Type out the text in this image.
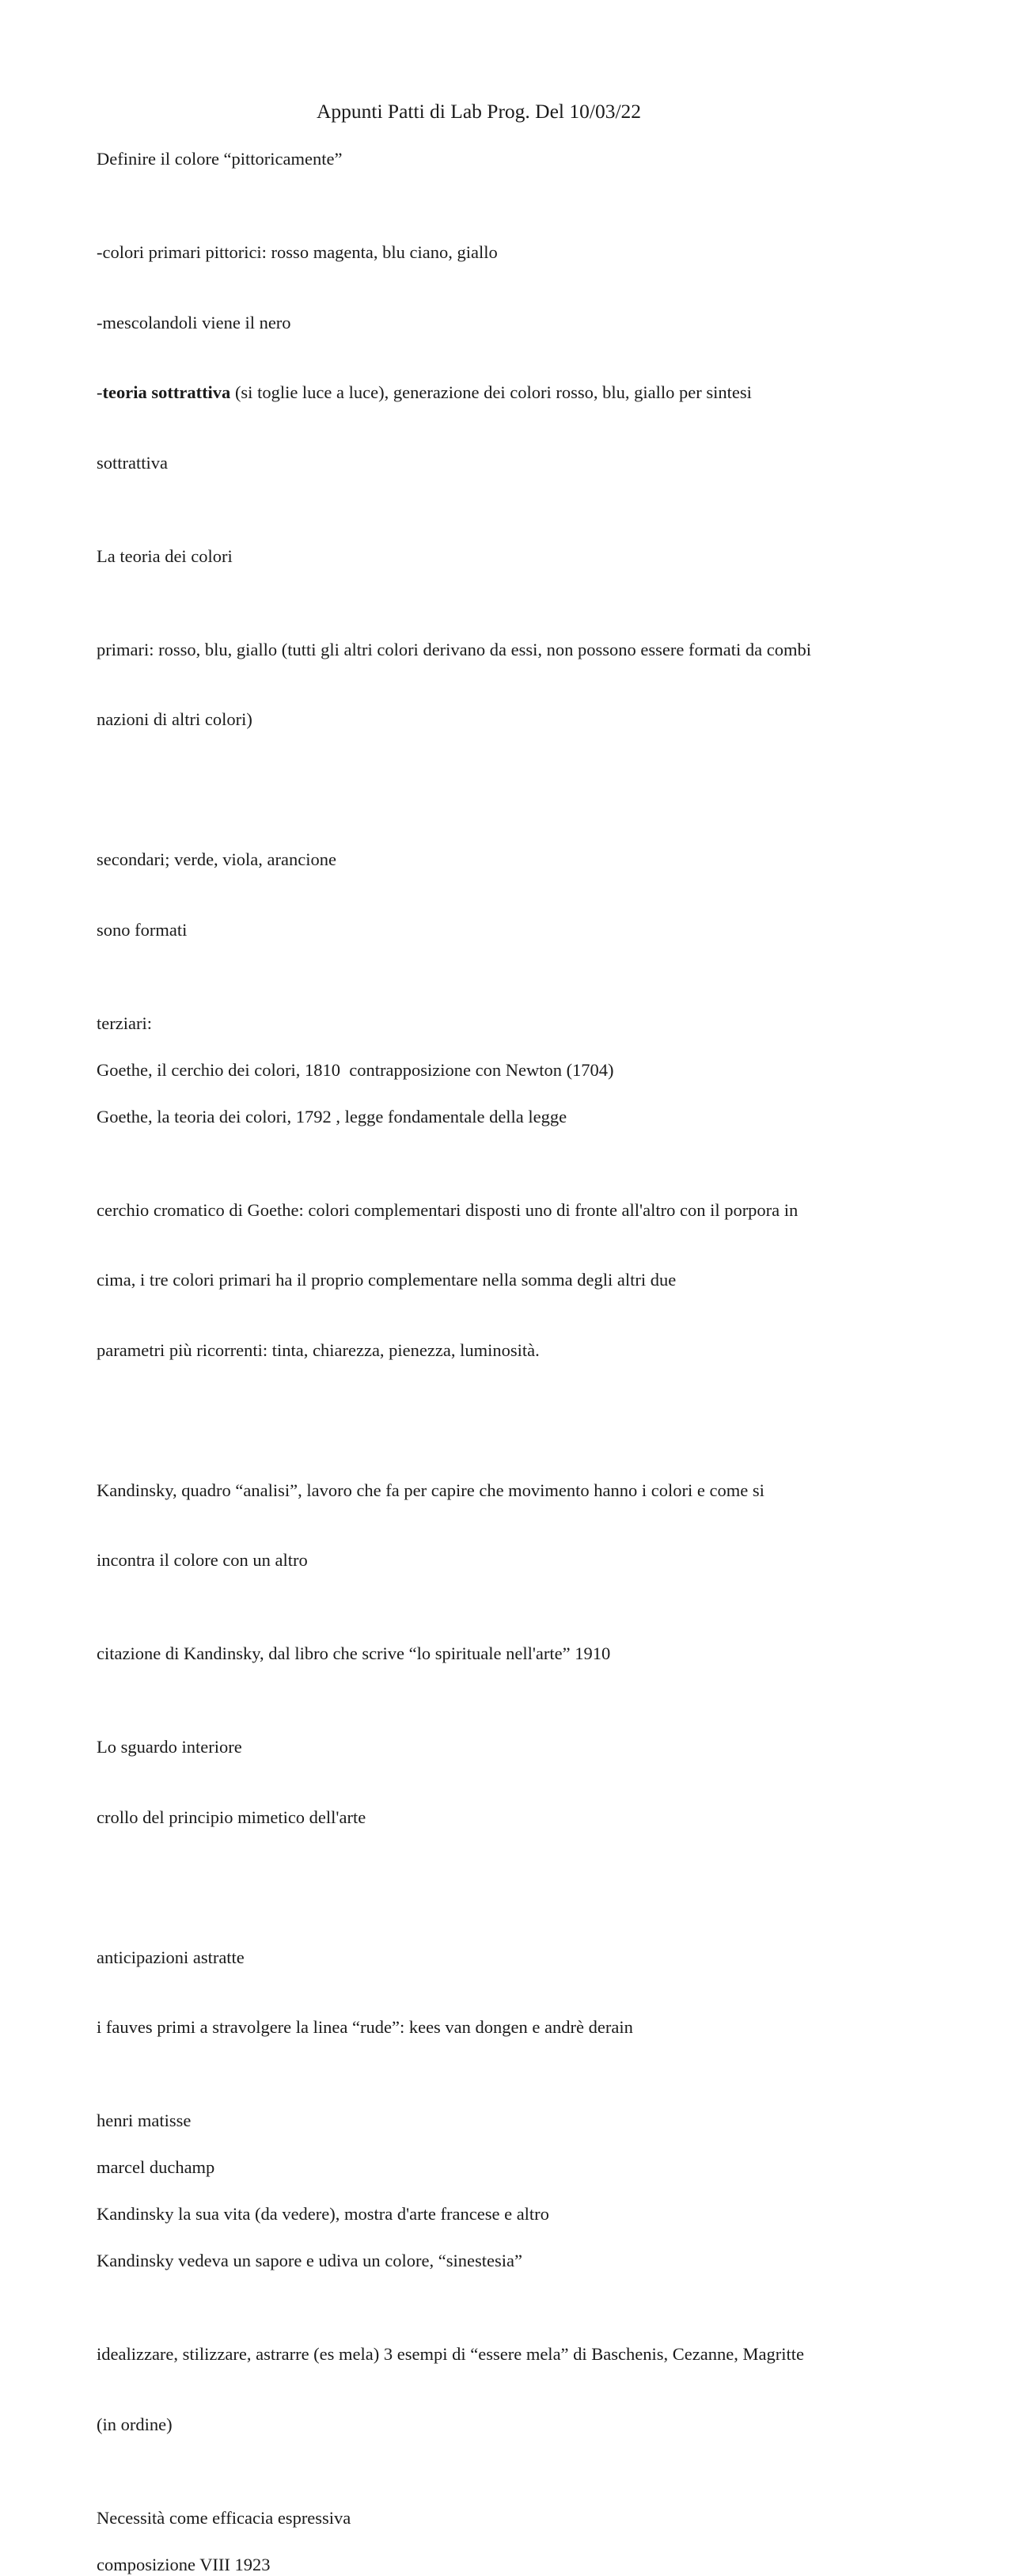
Appunti Patti di Lab Prog. Del 10/03/22

Definire il colore “pittoricamente”

-colori primari pittorici: rosso magenta, blu ciano, giallo

-mescolandoli viene il nero

-teoria sottrattiva (si toglie luce a luce), generazione dei colori rosso, blu, giallo per sintesi

sottrattiva

La teoria dei colori

primari: rosso, blu, giallo (tutti gli altri colori derivano da essi, non possono essere formati da combi

nazioni di altri colori)

secondari; verde, viola, arancione

sono formati

terziari:

Goethe, il cerchio dei colori, 1810  contrapposizione con Newton (1704)

Goethe, la teoria dei colori, 1792 , legge fondamentale della legge

cerchio cromatico di Goethe: colori complementari disposti uno di fronte all'altro con il porpora in

cima, i tre colori primari ha il proprio complementare nella somma degli altri due

parametri più ricorrenti: tinta, chiarezza, pienezza, luminosità.

Kandinsky, quadro “analisi”, lavoro che fa per capire che movimento hanno i colori e come si

incontra il colore con un altro

citazione di Kandinsky, dal libro che scrive “lo spirituale nell'arte” 1910

Lo sguardo interiore

crollo del principio mimetico dell'arte

anticipazioni astratte

i fauves primi a stravolgere la linea “rude”: kees van dongen e andrè derain

henri matisse

marcel duchamp

Kandinsky la sua vita (da vedere), mostra d'arte francese e altro

Kandinsky vedeva un sapore e udiva un colore, “sinestesia”

idealizzare, stilizzare, astrarre (es mela) 3 esempi di “essere mela” di Baschenis, Cezanne, Magritte

(in ordine)

Necessità come efficacia espressiva

composizione VIII 1923
